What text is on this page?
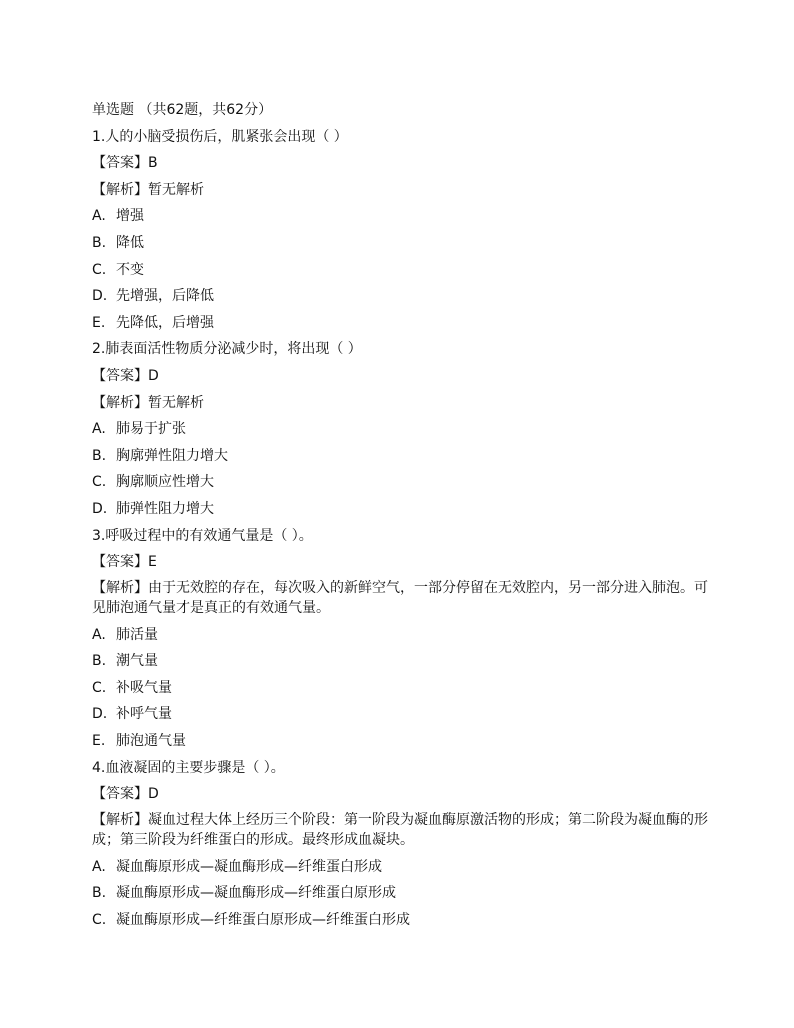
单选题 （共62题，共62分）
1.人的小脑受损伤后，肌紧张会出现（ ）
【答案】B
【解析】暂无解析
A. 增强
B. 降低
C. 不变
D. 先增强，后降低
E. 先降低，后增强
2.肺表面活性物质分泌减少时，将出现（ ）
【答案】D
【解析】暂无解析
A. 肺易于扩张
B. 胸廓弹性阻力增大
C. 胸廓顺应性增大
D. 肺弹性阻力增大
3.呼吸过程中的有效通气量是（ ）。
【答案】E
【解析】由于无效腔的存在，每次吸入的新鲜空气，一部分停留在无效腔内，另一部分进入肺泡。可见肺泡通气量才是真正的有效通气量。
A. 肺活量
B. 潮气量
C. 补吸气量
D. 补呼气量
E. 肺泡通气量
4.血液凝固的主要步骤是（ ）。
【答案】D
【解析】凝血过程大体上经历三个阶段：第一阶段为凝血酶原激活物的形成；第二阶段为凝血酶的形成；第三阶段为纤维蛋白的形成。最终形成血凝块。
A. 凝血酶原形成—凝血酶形成—纤维蛋白形成
B. 凝血酶原形成—凝血酶形成—纤维蛋白原形成
C. 凝血酶原形成—纤维蛋白原形成—纤维蛋白形成
